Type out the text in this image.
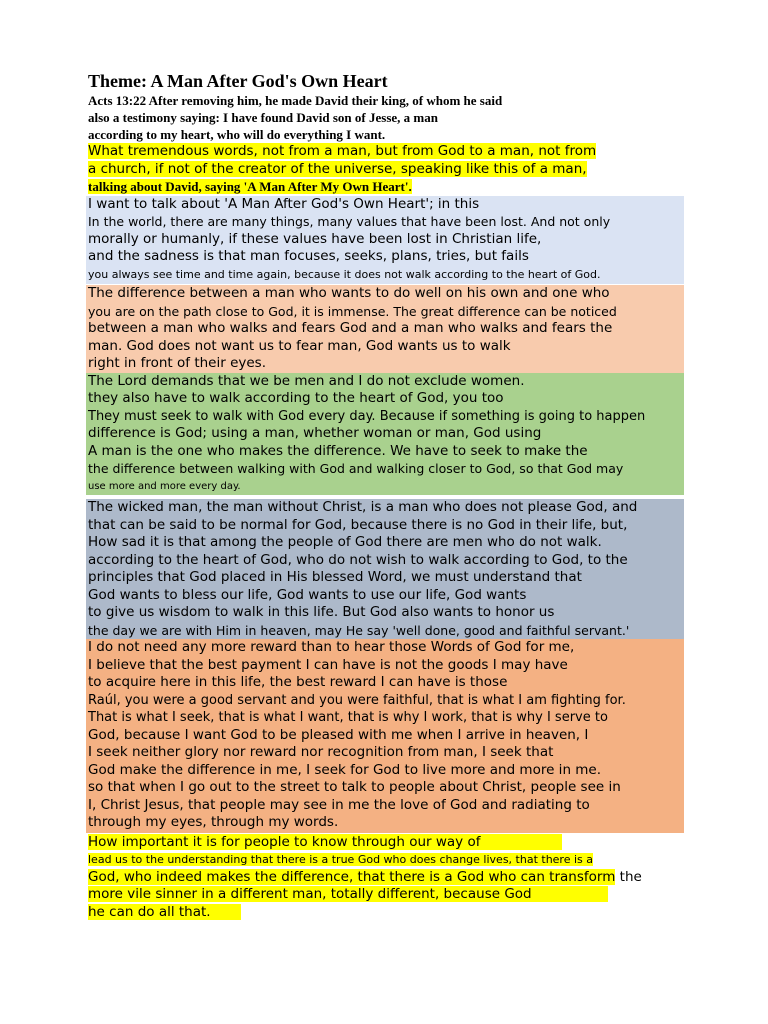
Theme: A Man After God's Own Heart

Acts 13:22 After removing him, he made David their king, of whom he said

also a testimony saying: I have found David son of Jesse, a man

according to my heart, who will do everything I want.

What tremendous words, not from a man, but from God to a man, not from

a church, if not of the creator of the universe, speaking like this of a man,

talking about David, saying 'A Man After My Own Heart'.

I want to talk about 'A Man After God's Own Heart'; in this

In the world, there are many things, many values that have been lost. And not only

morally or humanly, if these values have been lost in Christian life,

and the sadness is that man focuses, seeks, plans, tries, but fails

you always see time and time again, because it does not walk according to the heart of God.

The difference between a man who wants to do well on his own and one who

you are on the path close to God, it is immense. The great difference can be noticed

between a man who walks and fears God and a man who walks and fears the

man. God does not want us to fear man, God wants us to walk

right in front of their eyes.

The Lord demands that we be men and I do not exclude women.

they also have to walk according to the heart of God, you too

They must seek to walk with God every day. Because if something is going to happen

difference is God; using a man, whether woman or man, God using

A man is the one who makes the difference. We have to seek to make the

the difference between walking with God and walking closer to God, so that God may

use more and more every day.

The wicked man, the man without Christ, is a man who does not please God, and

that can be said to be normal for God, because there is no God in their life, but,

How sad it is that among the people of God there are men who do not walk.

according to the heart of God, who do not wish to walk according to God, to the

principles that God placed in His blessed Word, we must understand that

God wants to bless our life, God wants to use our life, God wants

to give us wisdom to walk in this life. But God also wants to honor us

the day we are with Him in heaven, may He say 'well done, good and faithful servant.'

I do not need any more reward than to hear those Words of God for me,

I believe that the best payment I can have is not the goods I may have

to acquire here in this life, the best reward I can have is those

Raúl, you were a good servant and you were faithful, that is what I am fighting for.

That is what I seek, that is what I want, that is why I work, that is why I serve to

God, because I want God to be pleased with me when I arrive in heaven, I

I seek neither glory nor reward nor recognition from man, I seek that

God make the difference in me, I seek for God to live more and more in me.

so that when I go out to the street to talk to people about Christ, people see in

I, Christ Jesus, that people may see in me the love of God and radiating to

through my eyes, through my words.

How important it is for people to know through our way of

lead us to the understanding that there is a true God who does change lives, that there is a

God, who indeed makes the difference, that there is a God who can transform the

more vile sinner in a different man, totally different, because God

he can do all that.
